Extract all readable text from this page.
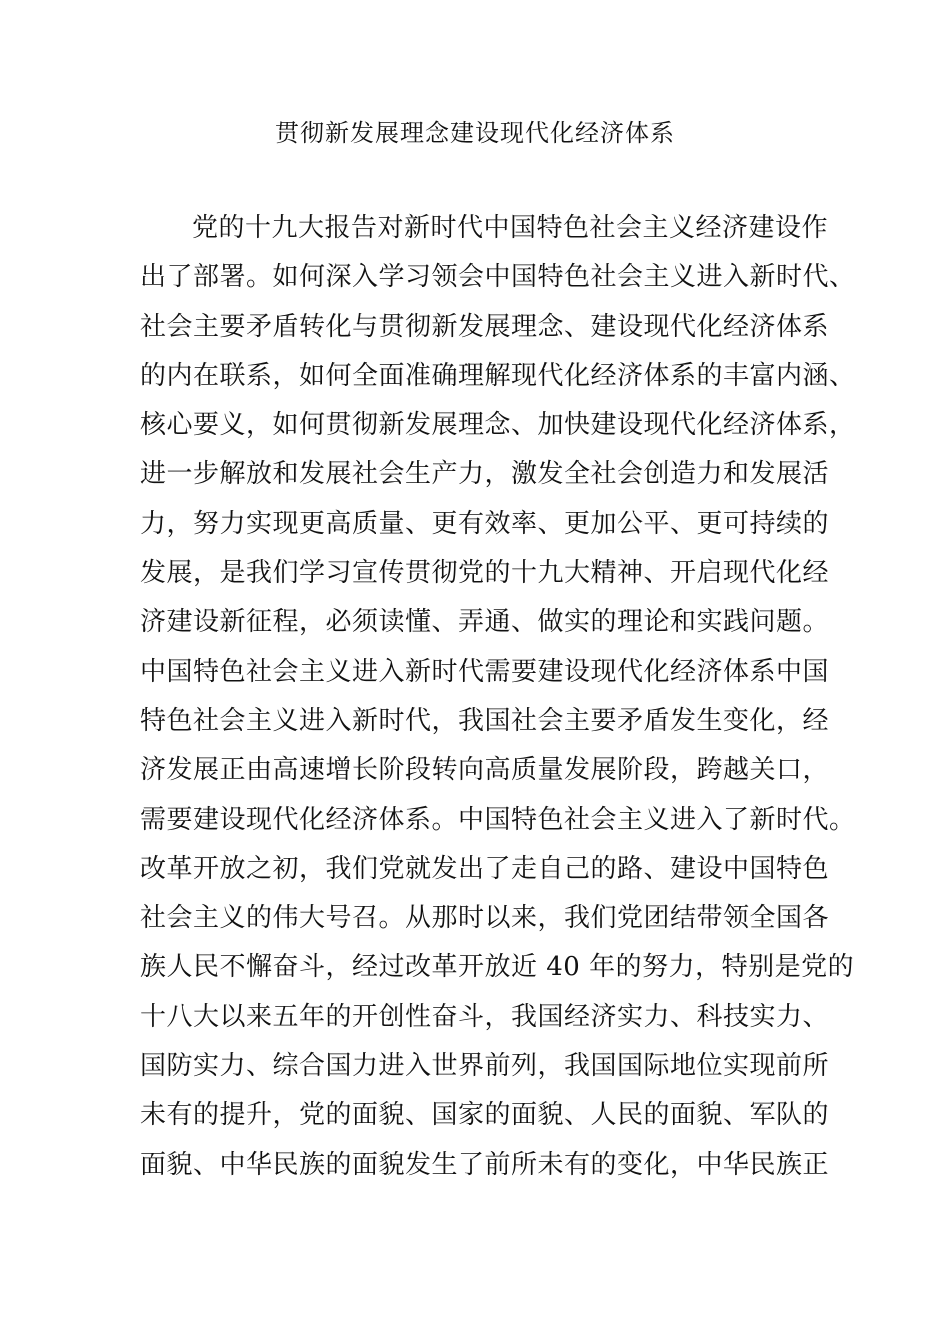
贯彻新发展理念建设现代化经济体系
党的十九大报告对新时代中国特色社会主义经济建设作
出了部署。如何深入学习领会中国特色社会主义进入新时代、
社会主要矛盾转化与贯彻新发展理念、建设现代化经济体系
的内在联系，如何全面准确理解现代化经济体系的丰富内涵、
核心要义，如何贯彻新发展理念、加快建设现代化经济体系，
进一步解放和发展社会生产力，激发全社会创造力和发展活
力，努力实现更高质量、更有效率、更加公平、更可持续的
发展，是我们学习宣传贯彻党的十九大精神、开启现代化经
济建设新征程，必须读懂、弄通、做实的理论和实践问题。
中国特色社会主义进入新时代需要建设现代化经济体系中国
特色社会主义进入新时代，我国社会主要矛盾发生变化，经
济发展正由高速增长阶段转向高质量发展阶段，跨越关口，
需要建设现代化经济体系。中国特色社会主义进入了新时代。
改革开放之初，我们党就发出了走自己的路、建设中国特色
社会主义的伟大号召。从那时以来，我们党团结带领全国各
族人民不懈奋斗，经过改革开放近 40 年的努力，特别是党的
十八大以来五年的开创性奋斗，我国经济实力、科技实力、
国防实力、综合国力进入世界前列，我国国际地位实现前所
未有的提升，党的面貌、国家的面貌、人民的面貌、军队的
面貌、中华民族的面貌发生了前所未有的变化，中华民族正
